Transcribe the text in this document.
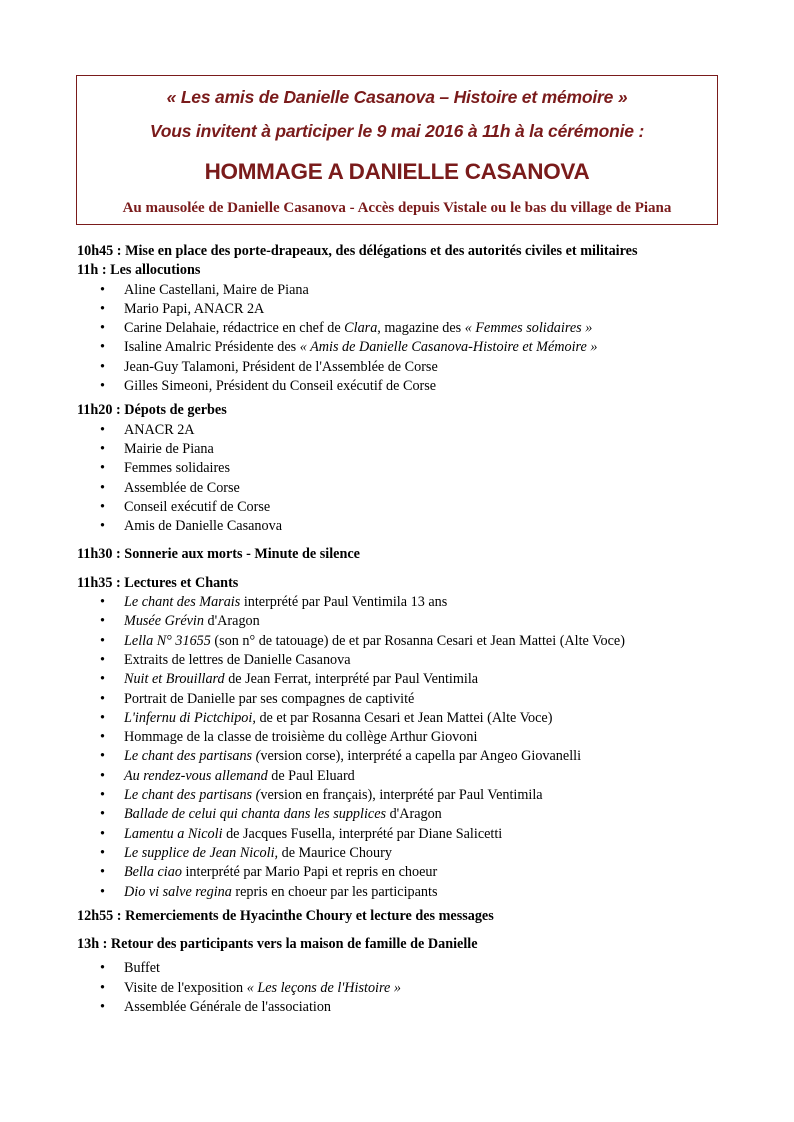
« Les amis de Danielle Casanova – Histoire et mémoire »
Vous invitent à participer le 9 mai 2016 à 11h à la cérémonie :
HOMMAGE A DANIELLE CASANOVA
Au mausolée de Danielle Casanova - Accès depuis Vistale ou le bas du village de Piana

10h45 : Mise en place des porte-drapeaux, des délégations et des autorités civiles et militaires

11h : Les allocutions

• Aline Castellani, Maire de Piana
• Mario Papi, ANACR 2A
• Carine Delahaie, rédactrice en chef de Clara, magazine des « Femmes solidaires »
• Isaline Amalric Présidente des « Amis de Danielle Casanova-Histoire et Mémoire »
• Jean-Guy Talamoni, Président de l'Assemblée de Corse
• Gilles Simeoni, Président du Conseil exécutif de Corse

11h20 : Dépots de gerbes

• ANACR 2A
• Mairie de Piana
• Femmes solidaires
• Assemblée de Corse
• Conseil exécutif de Corse
• Amis de Danielle Casanova

11h30 : Sonnerie aux morts - Minute de silence

11h35 : Lectures et Chants

• Le chant des Marais interprété par Paul Ventimila 13 ans
• Musée Grévin d'Aragon
• Lella N° 31655 (son n° de tatouage) de et par Rosanna Cesari et Jean Mattei (Alte Voce)
• Extraits de lettres de Danielle Casanova
• Nuit et Brouillard de Jean Ferrat, interprété par Paul Ventimila
• Portrait de Danielle par ses compagnes de captivité
• L'infernu di Pictchipoi, de et par Rosanna Cesari et Jean Mattei (Alte Voce)
• Hommage de la classe de troisième du collège Arthur Giovoni
• Le chant des partisans (version corse), interprété a capella par Angeo Giovanelli
• Au rendez-vous allemand de Paul Eluard
• Le chant des partisans (version en français), interprété par Paul Ventimila
• Ballade de celui qui chanta dans les supplices d'Aragon
• Lamentu a Nicoli de Jacques Fusella, interprété par Diane Salicetti
• Le supplice de Jean Nicoli, de Maurice Choury
• Bella ciao interprété par Mario Papi et repris en choeur
• Dio vi salve regina repris en choeur par les participants

12h55 : Remerciements de Hyacinthe Choury et lecture des messages

13h : Retour des participants vers la maison de famille de Danielle

• Buffet
• Visite de l'exposition « Les leçons de l'Histoire »
• Assemblée Générale de l'association
